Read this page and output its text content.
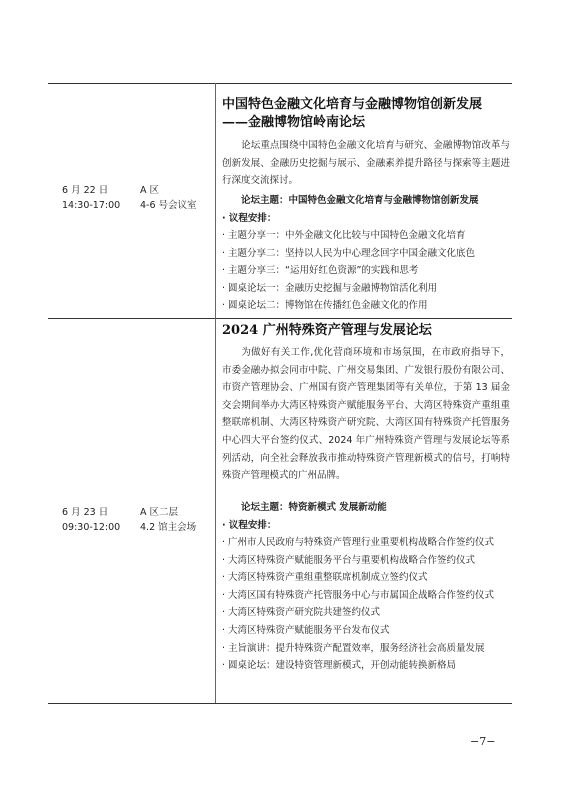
6 月 22 日
14:30-17:00
A 区
4-6 号会议室
中国特色金融文化培育与金融博物馆创新发展
——金融博物馆岭南论坛

论坛重点围绕中国特色金融文化培育与研究、金融博物馆改革与创新发展、金融历史挖掘与展示、金融素养提升路径与探索等主题进行深度交流探讨。

论坛主题：中国特色金融文化培育与金融博物馆创新发展
· 议程安排：
· 主题分享一：中外金融文化比较与中国特色金融文化培育
· 主题分享二：坚持以人民为中心理念回字中国金融文化底色
· 主题分享三：“运用好红色资源”的实践和思考
· 圆桌论坛一：金融历史挖掘与金融博物馆活化利用
· 圆桌论坛二：博物馆在传播红色金融文化的作用
6 月 23 日
09:30-12:00
A 区二层
4.2 馆主会场
2024 广州特殊资产管理与发展论坛

为做好有关工作,优化营商环境和市场氛围，在市政府指导下，市委金融办拟会同市中院、广州交易集团、广发银行股份有限公司、市资产管理协会、广州国有资产管理集团等有关单位，于第 13 届金交会期间举办大湾区特殊资产赋能服务平台、大湾区特殊资产重组重整联席机制、大湾区特殊资产研究院、大湾区国有特殊资产托管服务中心四大平台签约仪式、2024 年广州特殊资产管理与发展论坛等系列活动，向全社会释放我市推动特殊资产管理新模式的信号，打响特殊资产管理模式的广州品牌。

论坛主题：特资新模式 发展新动能
· 议程安排：
· 广州市人民政府与特殊资产管理行业重要机构战略合作签约仪式
· 大湾区特殊资产赋能服务平台与重要机构战略合作签约仪式
· 大湾区特殊资产重组重整联席机制成立签约仪式
· 大湾区国有特殊资产托管服务中心与市属国企战略合作签约仪式
· 大湾区特殊资产研究院共建签约仪式
· 大湾区特殊资产赋能服务平台发布仪式
· 主旨演讲：提升特殊资产配置效率，服务经济社会高质量发展
· 圆桌论坛：建设特资管理新模式，开创动能转换新格局
−7−
